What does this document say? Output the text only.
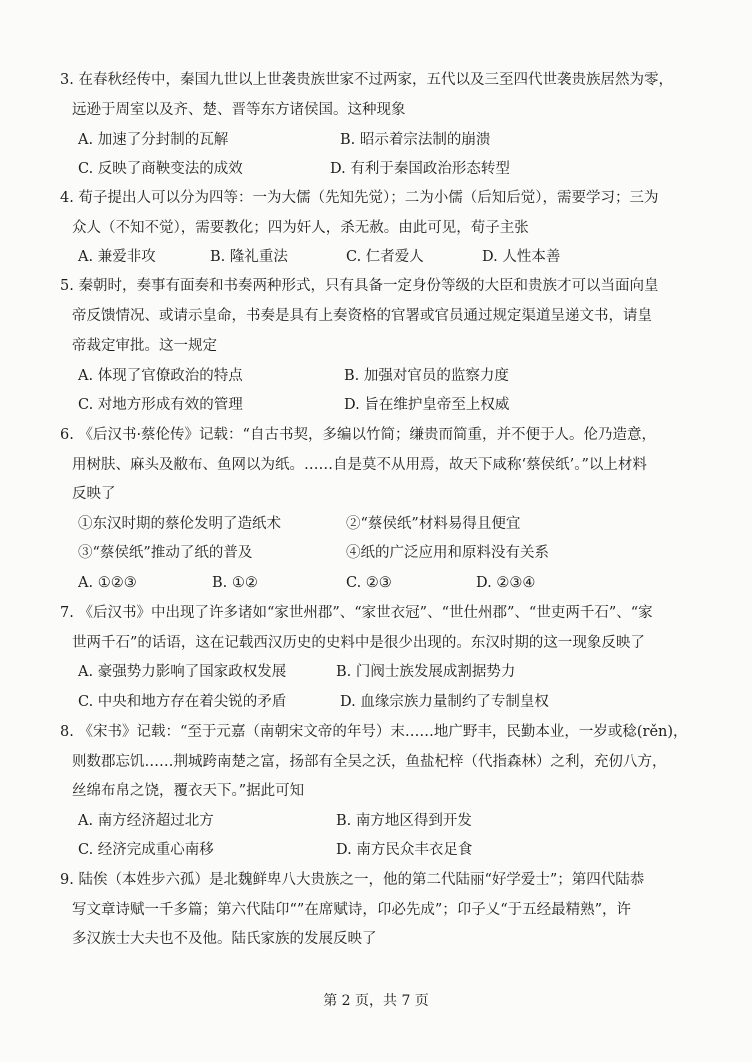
3. 在春秋经传中，秦国九世以上世袭贵族世家不过两家，五代以及三至四代世袭贵族居然为零，
远逊于周室以及齐、楚、晋等东方诸侯国。这种现象
A. 加速了分封制的瓦解	B. 昭示着宗法制的崩溃
C. 反映了商鞅变法的成效	D. 有利于秦国政治形态转型
4. 荀子提出人可以分为四等：一为大儒（先知先觉）；二为小儒（后知后觉），需要学习；三为
众人（不知不觉），需要教化；四为奸人，杀无赦。由此可见，荀子主张
A. 兼爱非攻	B. 隆礼重法	C. 仁者爱人	D. 人性本善
5. 秦朝时，奏事有面奏和书奏两种形式，只有具备一定身份等级的大臣和贵族才可以当面向皇
帝反馈情况、或请示皇命，书奏是具有上奏资格的官署或官员通过规定渠道呈递文书，请皇
帝裁定审批。这一规定
A. 体现了官僚政治的特点	B. 加强对官员的监察力度
C. 对地方形成有效的管理	D. 旨在维护皇帝至上权威
6. 《后汉书·蔡伦传》记载：“自古书契，多编以竹简；缣贵而简重，并不便于人。伦乃造意，
用树肤、麻头及敝布、鱼网以为纸。……自是莫不从用焉，故天下咸称‘蔡侯纸’。”以上材料
反映了
①东汉时期的蔡伦发明了造纸术	②“蔡侯纸”材料易得且便宜
③“蔡侯纸”推动了纸的普及	④纸的广泛应用和原料没有关系
A. ①②③	B. ①②	C. ②③	D. ②③④
7. 《后汉书》中出现了许多诸如“家世州郡”、“家世衣冠”、“世仕州郡”、“世吏两千石”、“家
世两千石”的话语，这在记载西汉历史的史料中是很少出现的。东汉时期的这一现象反映了
A. 豪强势力影响了国家政权发展	B. 门阀士族发展成割据势力
C. 中央和地方存在着尖锐的矛盾	D. 血缘宗族力量制约了专制皇权
8. 《宋书》记载：“至于元嘉（南朝宋文帝的年号）末……地广野丰，民勤本业，一岁或稔(rěn)，
则数郡忘饥……荆城跨南楚之富，扬部有全吴之沃，鱼盐杞梓（代指森林）之利，充仞八方，
丝绵布帛之饶，覆衣天下。”据此可知
A. 南方经济超过北方	B. 南方地区得到开发
C. 经济完成重心南移	D. 南方民众丰衣足食
9. 陆俟（本姓步六孤）是北魏鲜卑八大贵族之一，他的第二代陆丽“好学爱士”；第四代陆恭
写文章诗赋一千多篇；第六代陆卬“”在席赋诗，卬必先成”；卬子乂“于五经最精熟”，许
多汉族士大夫也不及他。陆氏家族的发展反映了
第 2 页，共 7 页
